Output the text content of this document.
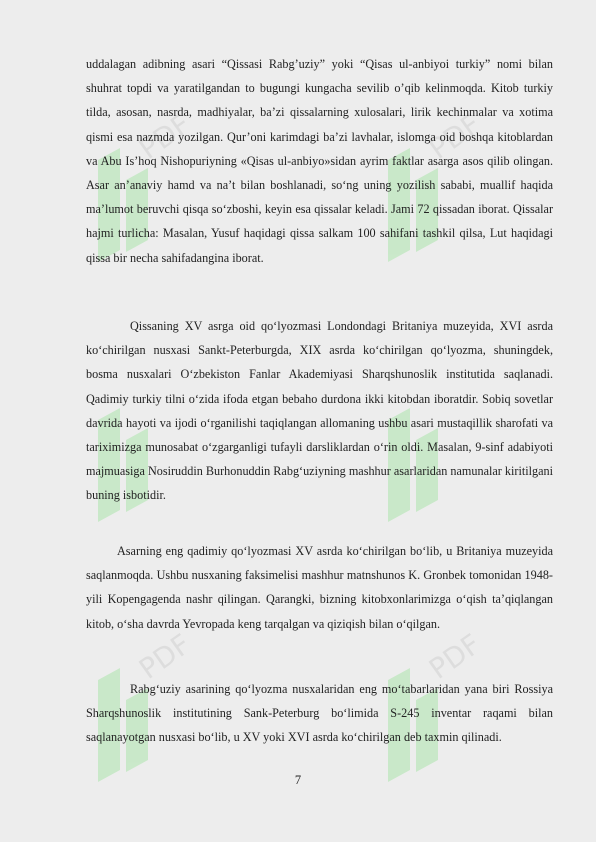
PDF	PDF
PDF	PDF

uddalagan adibning asari “Qissasi Rabg’uziy” yoki “Qisas ul-anbiyoi turkiy” nomi bilan shuhrat topdi va yaratilgandan to bugungi kungacha sevilib o’qib kelinmoqda. Kitob turkiy tilda, asosan, nasrda, madhiyalar, ba’zi qissalarning xulosalari, lirik kechinmalar va xotima qismi esa nazmda yozilgan. Qur’oni karimdagi ba’zi lavhalar, islomga oid boshqa kitoblardan va Abu Is’hoq Nishopuriyning «Qisas ul-anbiyo»sidan ayrim faktlar asarga asos qilib olingan. Asar an’anaviy hamd va na’t bilan boshlanadi, so‘ng uning yozilish sababi, muallif haqida ma’lumot beruvchi qisqa so‘zboshi, keyin esa qissalar keladi. Jami 72 qissadan iborat. Qissalar hajmi turlicha: Masalan, Yusuf haqidagi qissa salkam 100 sahifani tashkil qilsa, Lut haqidagi qissa bir necha sahifadangina iborat.

Qissaning XV asrga oid qo‘lyozmasi Londondagi Britaniya muzeyida, XVI asrda ko‘chirilgan nusxasi Sankt-Peterburgda, XIX asrda ko‘chirilgan qo‘lyozma, shuningdek, bosma nusxalari O‘zbekiston Fanlar Akademiyasi Sharqshunoslik institutida saqlanadi. Qadimiy turkiy tilni o‘zida ifoda etgan bebaho durdona ikki kitobdan iboratdir. Sobiq sovetlar davrida hayoti va ijodi o‘rganilishi taqiqlangan allomaning ushbu asari mustaqillik sharofati va tariximizga munosabat o‘zgarganligi tufayli darsliklardan o‘rin oldi. Masalan, 9-sinf adabiyoti majmuasiga Nosiruddin Burhonuddin Rabg‘uziyning mashhur asarlaridan namunalar kiritilgani buning isbotidir.

Asarning eng qadimiy qo‘lyozmasi XV asrda ko‘chirilgan bo‘lib, u Britaniya muzeyida saqlanmoqda. Ushbu nusxaning faksimelisi mashhur matnshunos K. Gronbek tomonidan 1948-yili Kopengagenda nashr qilingan. Qarangki, bizning kitobxonlarimizga o‘qish ta’qiqlangan kitob, o‘sha davrda Yevropada keng tarqalgan va qiziqish bilan o‘qilgan.

Rabg‘uziy asarining qo‘lyozma nusxalaridan eng mo‘tabarlaridan yana biri Rossiya Sharqshunoslik institutining Sank-Peterburg bo‘limida S-245 inventar raqami bilan saqlanayotgan nusxasi bo‘lib, u XV yoki XVI asrda ko‘chirilgan deb taxmin qilinadi.

7
